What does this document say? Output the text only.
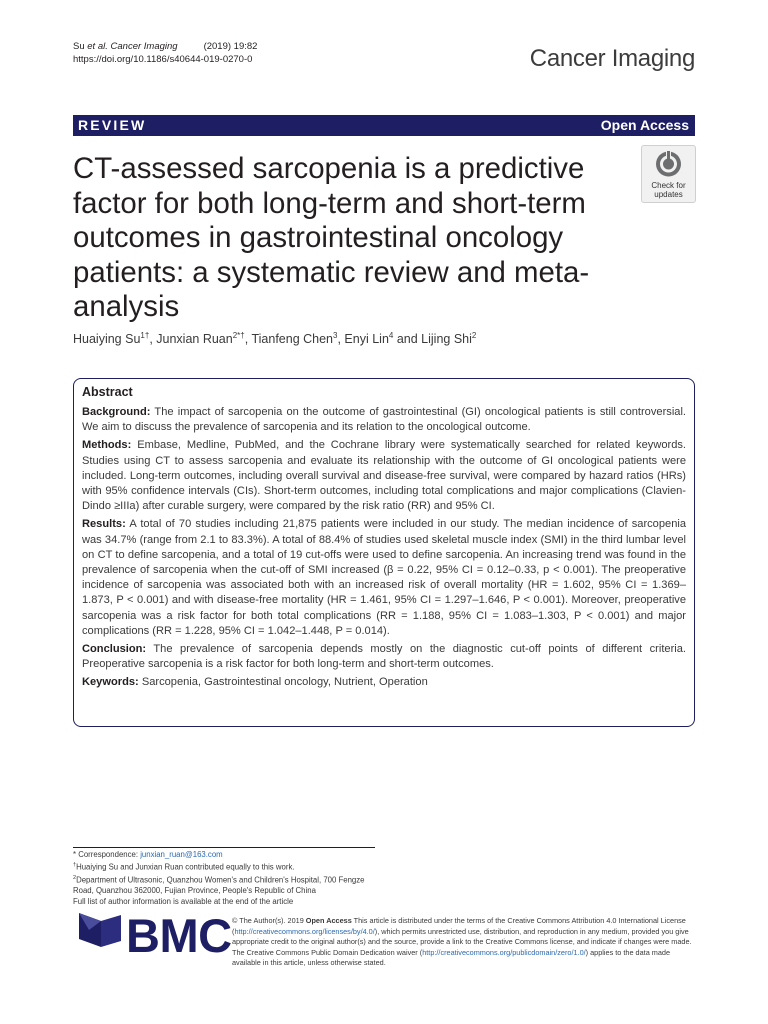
Su et al. Cancer Imaging	(2019) 19:82
https://doi.org/10.1186/s40644-019-0270-0	Cancer Imaging
REVIEW	Open Access
CT-assessed sarcopenia is a predictive factor for both long-term and short-term outcomes in gastrointestinal oncology patients: a systematic review and meta-analysis
Check for
updates
Huaiying $Su^{1\dagger}$, Junxian Ruan$^{2*\dagger}$, Tianfeng Chen$^3$, Enyi Lin$^4$ and Lijing Shi$^2$
Abstract
Background: The impact of sarcopenia on the outcome of gastrointestinal (GI) oncological patients is still controversial. We aim to discuss the prevalence of sarcopenia and its relation to the oncological outcome.
Methods: Embase, Medline, PubMed, and the Cochrane library were systematically searched for related keywords. Studies using CT to assess sarcopenia and evaluate its relationship with the outcome of GI oncological patients were included. Long-term outcomes, including overall survival and disease-free survival, were compared by hazard ratios (HRs) with 95% confidence intervals (CIs). Short-term outcomes, including total complications and major complications (Clavien-Dindo ≥IIIa) after curable surgery, were compared by the risk ratio (RR) and 95% CI.
Results: A total of 70 studies including 21,875 patients were included in our study. The median incidence of sarcopenia was 34.7% (range from 2.1 to 83.3%). A total of 88.4% of studies used skeletal muscle index (SMI) in the third lumbar level on CT to define sarcopenia, and a total of 19 cut-offs were used to define sarcopenia. An increasing trend was found in the prevalence of sarcopenia when the cut-off of SMI increased (β = 0.22, 95% CI = 0.12–0.33, p < 0.001). The preoperative incidence of sarcopenia was associated both with an increased risk of overall mortality (HR = 1.602, 95% CI = 1.369–1.873, P < 0.001) and with disease-free mortality (HR = 1.461, 95% CI = 1.297–1.646, P < 0.001). Moreover, preoperative sarcopenia was a risk factor for both total complications (RR = 1.188, 95% CI = 1.083–1.303, P < 0.001) and major complications (RR = 1.228, 95% CI = 1.042–1.448, P = 0.014).
Conclusion: The prevalence of sarcopenia depends mostly on the diagnostic cut-off points of different criteria. Preoperative sarcopenia is a risk factor for both long-term and short-term outcomes.
Keywords: Sarcopenia, Gastrointestinal oncology, Nutrient, Operation
* Correspondence: junxian_ruan@163.com
†Huaiying Su and Junxian Ruan contributed equally to this work.
$^2$Department of Ultrasonic, Quanzhou Women's and Children's Hospital, 700 Fengze Road, Quanzhou 362000, Fujian Province, People's Republic of China
Full list of author information is available at the end of the article
BMC © The Author(s). 2019 Open Access This article is distributed under the terms of the Creative Commons Attribution 4.0 International License (http://creativecommons.org/licenses/by/4.0/), which permits unrestricted use, distribution, and reproduction in any medium, provided you give appropriate credit to the original author(s) and the source, provide a link to the Creative Commons license, and indicate if changes were made. The Creative Commons Public Domain Dedication waiver (http://creativecommons.org/publicdomain/zero/1.0/) applies to the data made available in this article, unless otherwise stated.
